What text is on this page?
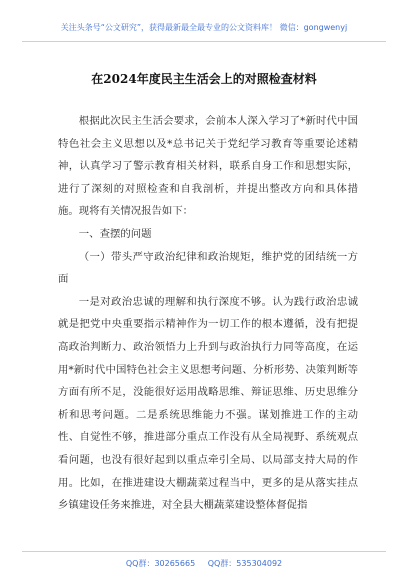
关注头条号“公文研究”，获得最新最全最专业的公文资料库！ 微信：gongwenyj
在2024年度民主生活会上的对照检查材料

根据此次民主生活会要求，会前本人深入学习了*新时代中国特色社会主义思想以及*总书记关于党纪学习教育等重要论述精神，认真学习了警示教育相关材料，联系自身工作和思想实际，进行了深刻的对照检查和自我剖析，并提出整改方向和具体措施。现将有关情况报告如下：

一、查摆的问题

（一）带头严守政治纪律和政治规矩，维护党的团结统一方面

一是对政治忠诚的理解和执行深度不够。认为践行政治忠诚就是把党中央重要指示精神作为一切工作的根本遵循，没有把提高政治判断力、政治领悟力上升到与政治执行力同等高度，在运用*新时代中国特色社会主义思想考问题、分析形势、决策判断等方面有所不足，没能很好运用战略思维、辩证思维、历史思维分析和思考问题。二是系统思维能力不强。谋划推进工作的主动性、自觉性不够，推进部分重点工作没有从全局视野、系统观点看问题，也没有很好起到以重点牵引全局、以局部支持大局的作用。比如，在推进建设大棚蔬菜过程当中，更多的是从落实挂点乡镇建设任务来推进，对全县大棚蔬菜建设整体督促指

QQ群：30265665 QQ群：535304092
